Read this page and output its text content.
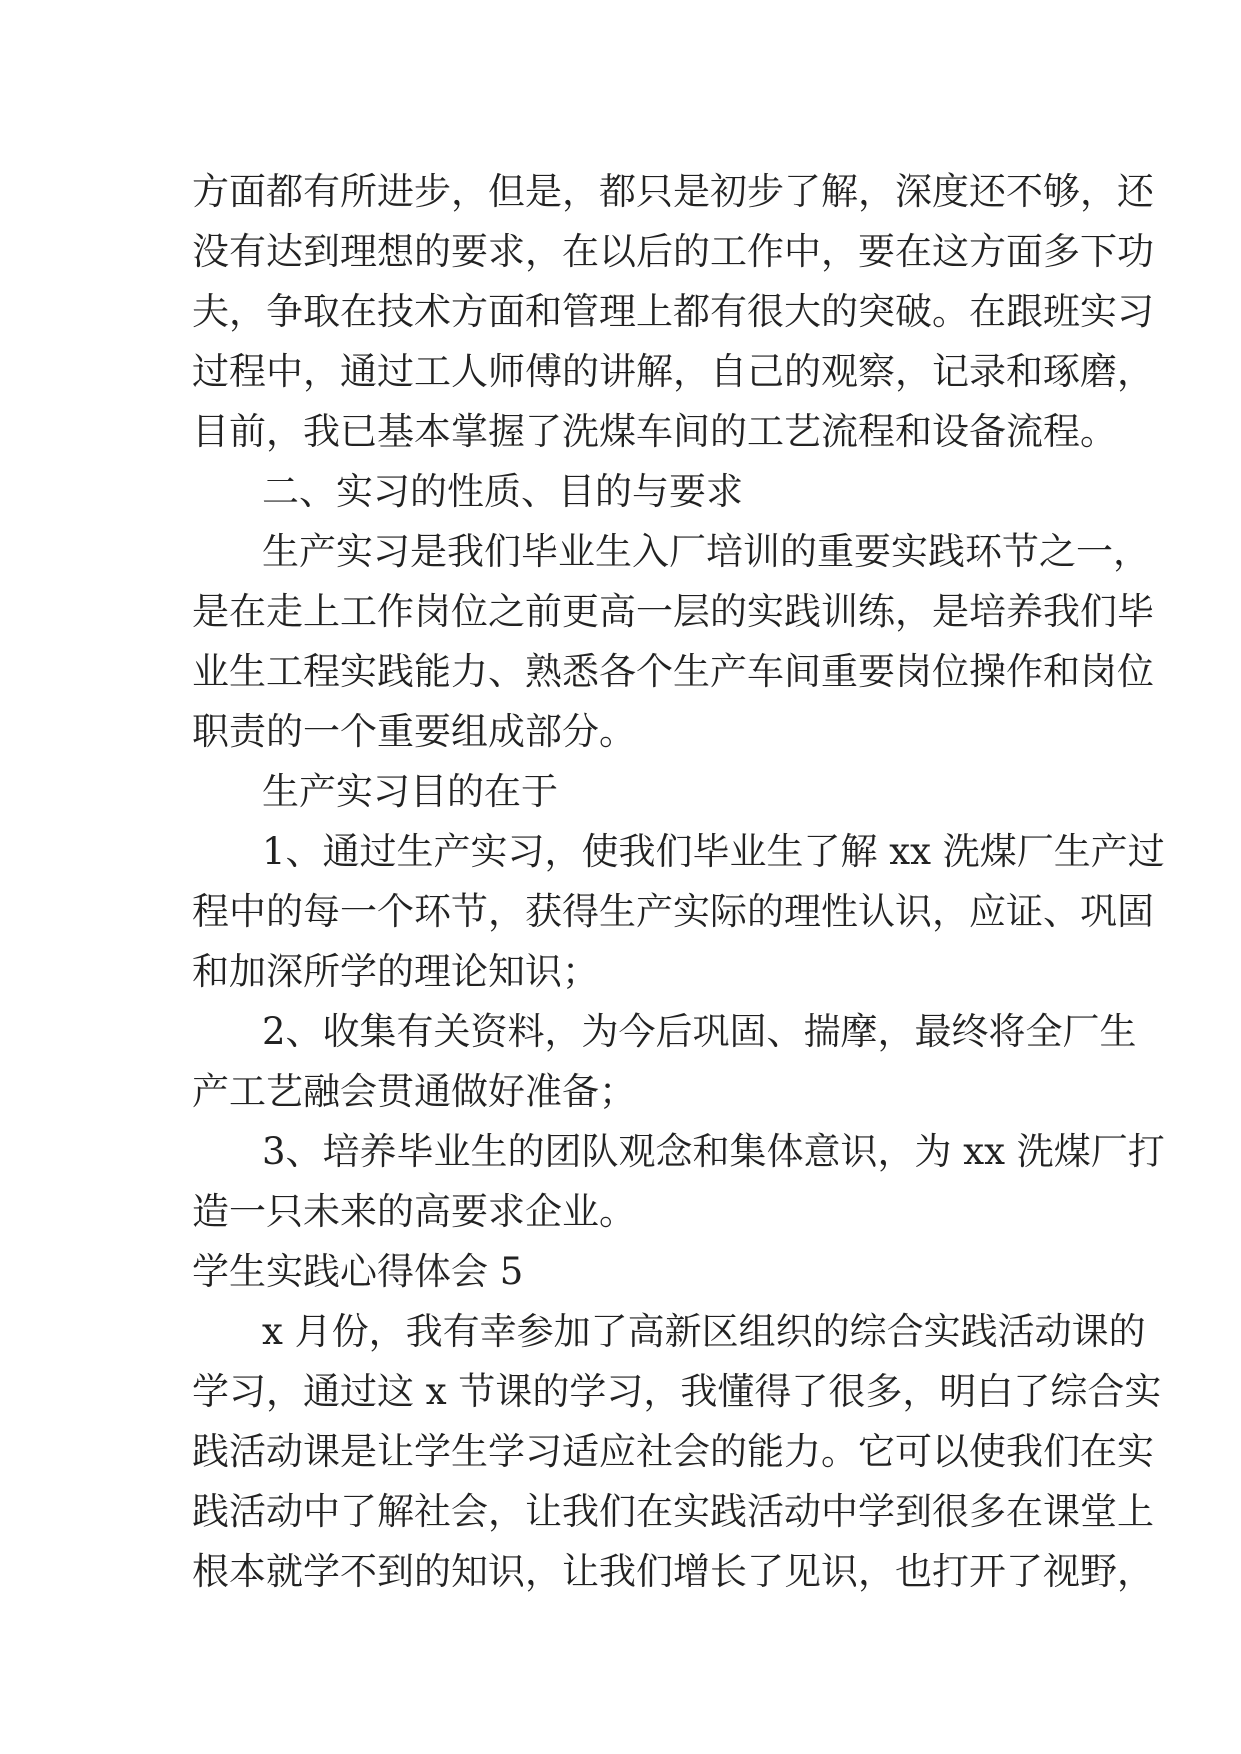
方面都有所进步，但是，都只是初步了解，深度还不够，还
没有达到理想的要求，在以后的工作中，要在这方面多下功
夫，争取在技术方面和管理上都有很大的突破。在跟班实习
过程中，通过工人师傅的讲解，自己的观察，记录和琢磨，
目前，我已基本掌握了洗煤车间的工艺流程和设备流程。
二、实习的性质、目的与要求
生产实习是我们毕业生入厂培训的重要实践环节之一，
是在走上工作岗位之前更高一层的实践训练，是培养我们毕
业生工程实践能力、熟悉各个生产车间重要岗位操作和岗位
职责的一个重要组成部分。
生产实习目的在于
1、通过生产实习，使我们毕业生了解 xx 洗煤厂生产过
程中的每一个环节，获得生产实际的理性认识，应证、巩固
和加深所学的理论知识；
2、收集有关资料，为今后巩固、揣摩，最终将全厂生
产工艺融会贯通做好准备；
3、培养毕业生的团队观念和集体意识，为 xx 洗煤厂打
造一只未来的高要求企业。
学生实践心得体会 5
x 月份，我有幸参加了高新区组织的综合实践活动课的
学习，通过这 x 节课的学习，我懂得了很多，明白了综合实
践活动课是让学生学习适应社会的能力。它可以使我们在实
践活动中了解社会，让我们在实践活动中学到很多在课堂上
根本就学不到的知识，让我们增长了见识，也打开了视野，
